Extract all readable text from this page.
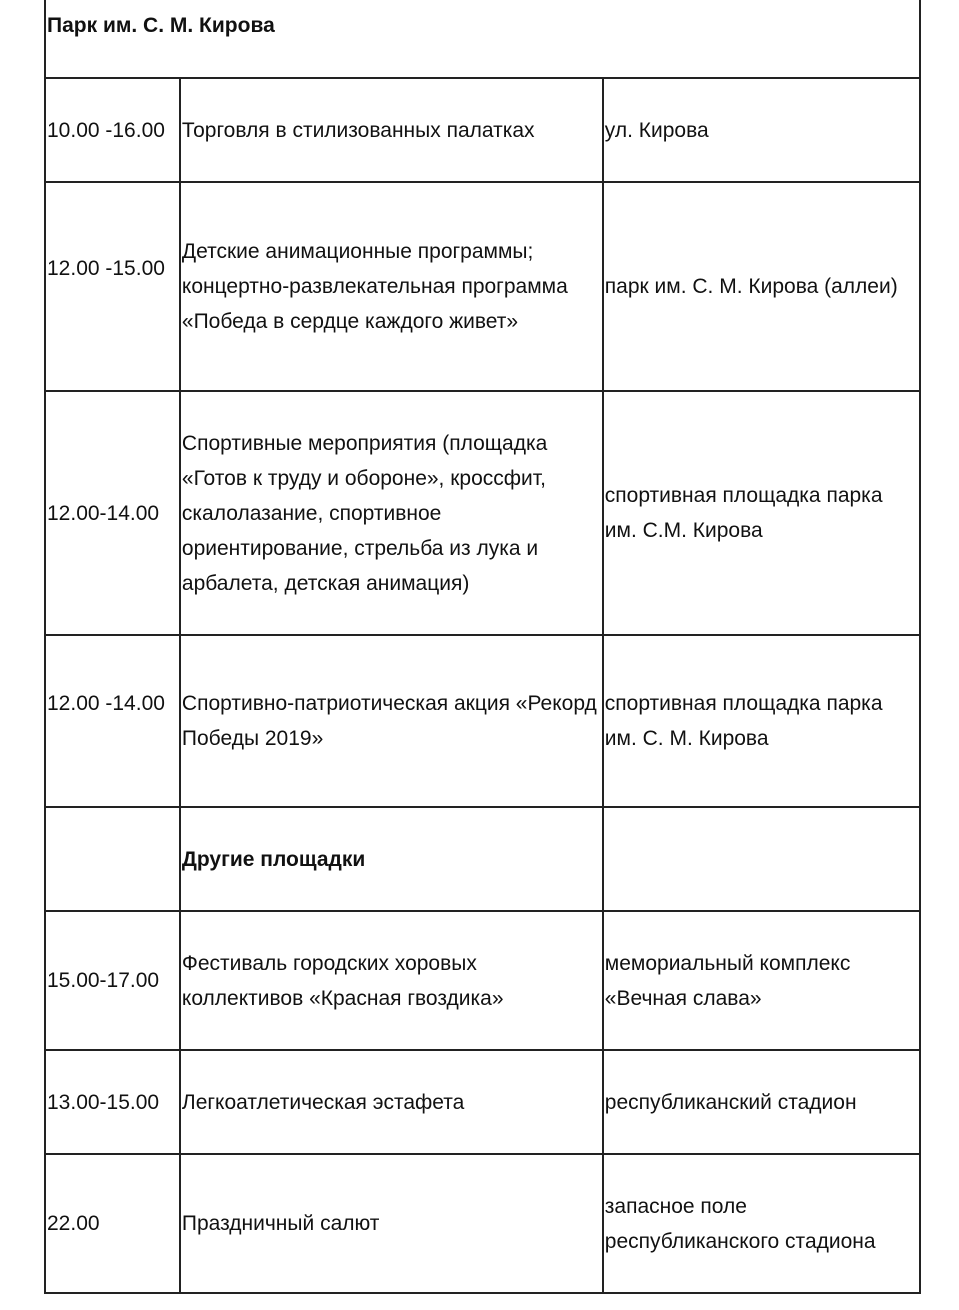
Парк им. С. М. Кирова		
10.00 -16.00	Торговля в стилизованных палатках	ул. Кирова
12.00 -15.00	Детские анимационные программы; концертно-развлекательная программа «Победа в сердце каждого живет»	парк им. С. М. Кирова (аллеи)
12.00-14.00	Спортивные мероприятия (площадка «Готов к труду и обороне», кроссфит, скалолазание, спортивное ориентирование, стрельба из лука и арбалета, детская анимация)	спортивная площадка парка им. С.М. Кирова
12.00 -14.00	Спортивно-патриотическая акция «Рекорд Победы 2019»	спортивная площадка парка им. С. М. Кирова
	Другие площадки	
15.00-17.00	Фестиваль городских хоровых коллективов «Красная гвоздика»	мемориальный комплекс «Вечная слава»
13.00-15.00	Легкоатлетическая эстафета	республиканский стадион
22.00	Праздничный салют	запасное поле республиканского стадиона
